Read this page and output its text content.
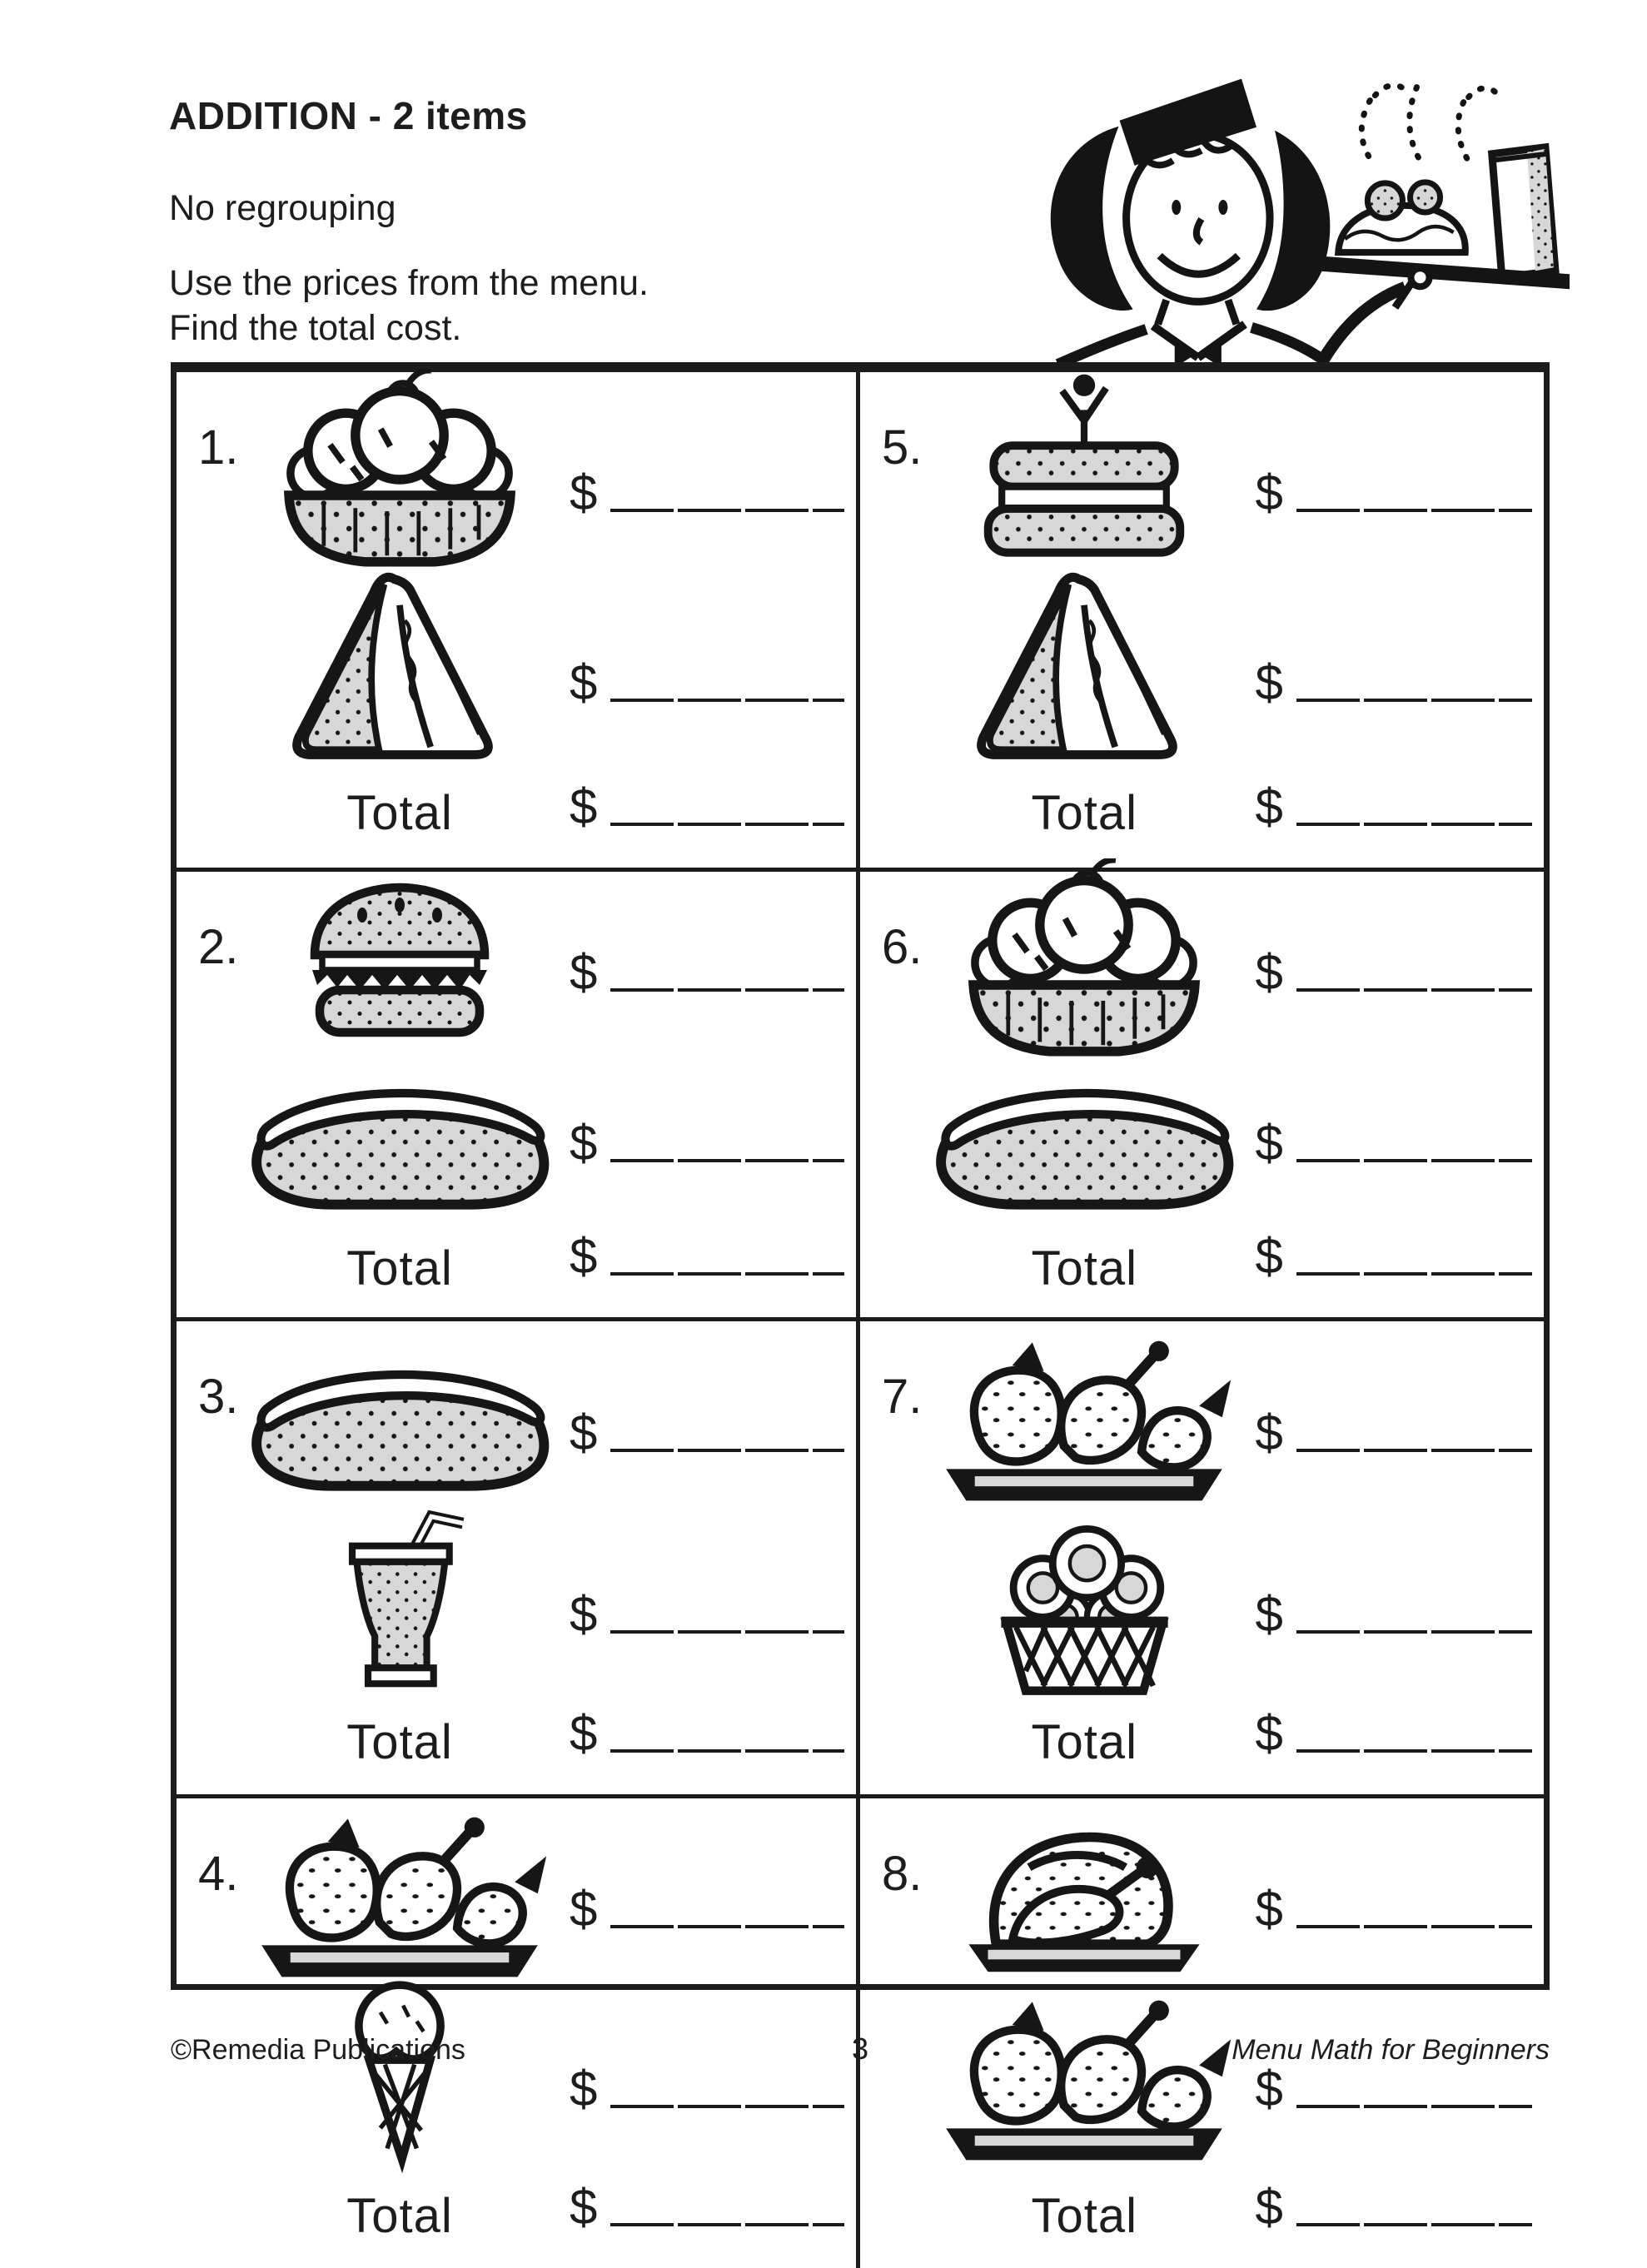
ADDITION - 2 items

No regrouping

Use the prices from the menu.

Find the total cost.

1.
$
$
Total $
5.
$
$
Total $
2.	$
$
Total $
6.	$
$
Total $
3.
$
$
Total $
7.
$
$
Total $
4.
$
$
Total $
8.
$
$
Total $
©Remedia Publications	3	Menu Math for Beginners
